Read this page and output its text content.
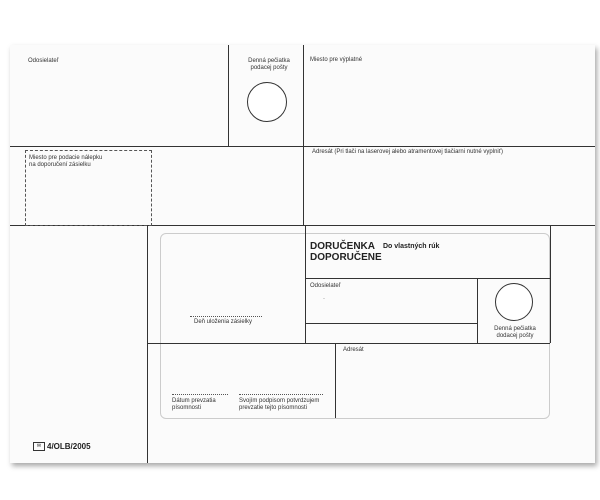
Odosielateľ	Denná pečiatka
podacej pošty
Miesto pre výplatné
Miesto pre podacie nálepku
na doporučení zásielku
Adresát (Pri tlači na laserovej alebo atramentovej tlačiarni nutné vyplniť)
DORUČENKA
DOPORUČENE
Do vlastných rúk
Odosielateľ
·
Denná pečiatka
dodacej pošty
Deň uloženia zásielky
Adresát
Dátum prevzatia
písomnosti
Svojím podpisom potvrdzujem
prevzatie tejto písomnosti
✉ 4/OLB/2005
